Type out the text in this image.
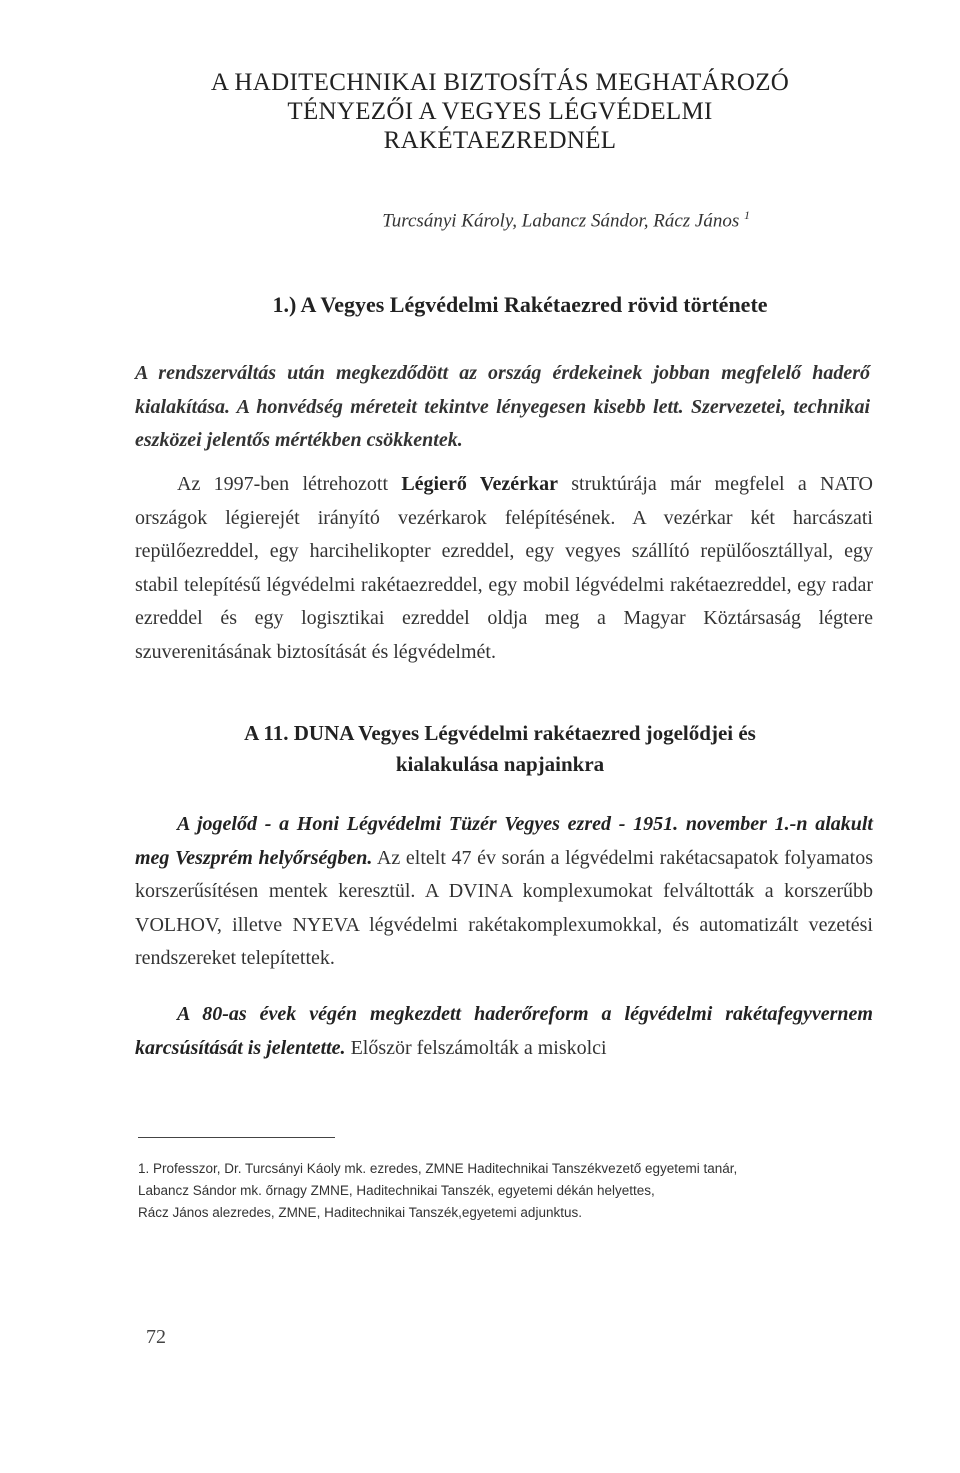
A HADITECHNIKAI BIZTOSÍTÁS MEGHATÁROZÓ
TÉNYEZŐI A VEGYES LÉGVÉDELMI
RAKÉTAEZREDNÉL
Turcsányi Károly, Labancz Sándor, Rácz János $^1$
1.) A Vegyes Légvédelmi Rakétaezred rövid története
A rendszerváltás után megkezdődött az ország érdekeinek jobban megfelelő haderő kialakítása. A honvédség méreteit tekintve lényegesen kisebb lett. Szervezetei, technikai eszközei jelentős mértékben csökkentek.
Az 1997-ben létrehozott Légierő Vezérkar struktúrája már megfelel a NATO országok légierejét irányító vezérkarok felépítésének. A vezérkar két harcászati repülőezreddel, egy harcihelikopter ezreddel, egy vegyes szállító repülőosztállyal, egy stabil telepítésű légvédelmi rakétaezreddel, egy mobil légvédelmi rakétaezreddel, egy radar ezreddel és egy logisztikai ezreddel oldja meg a Magyar Köztársaság légtere szuverenitásának biztosítását és légvédelmét.
A 11. DUNA Vegyes Légvédelmi rakétaezred jogelődjei és
kialakulása napjainkra
A jogelőd - a Honi Légvédelmi Tüzér Vegyes ezred - 1951. november 1.-n alakult meg Veszprém helyőrségben. Az eltelt 47 év során a légvédelmi rakétacsapatok folyamatos korszerűsítésen mentek keresztül. A DVINA komplexumokat felváltották a korszerűbb VOLHOV, illetve NYEVA légvédelmi rakétakomplexumokkal, és automatizált vezetési rendszereket telepítettek.
A 80-as évek végén megkezdett haderőreform a légvédelmi rakétafegyvernem karcsúsítását is jelentette. Először felszámolták a miskolci
1. Professzor, Dr. Turcsányi Káoly mk. ezredes, ZMNE Haditechnikai Tanszékvezető egyetemi tanár,
Labancz Sándor mk. őrnagy ZMNE, Haditechnikai Tanszék, egyetemi dékán helyettes,
Rácz János alezredes, ZMNE, Haditechnikai Tanszék,egyetemi adjunktus.
72
